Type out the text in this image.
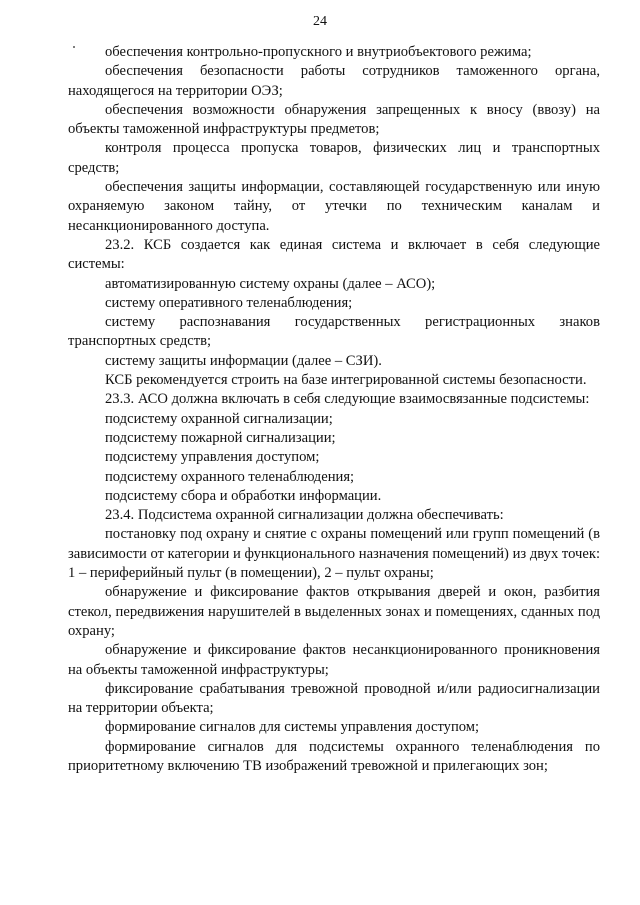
24

обеспечения контрольно-пропускного и внутриобъектового режима;

обеспечения безопасности работы сотрудников таможенного органа, находящегося на территории ОЭЗ;

обеспечения возможности обнаружения запрещенных к вносу (ввозу) на объекты таможенной инфраструктуры предметов;

контроля процесса пропуска товаров, физических лиц и транспортных средств;

обеспечения защиты информации, составляющей государственную или иную охраняемую законом тайну, от утечки по техническим каналам и несанкционированного доступа.

23.2. КСБ создается как единая система и включает в себя следующие системы:

автоматизированную систему охраны (далее – АСО);

систему оперативного теленаблюдения;

систему распознавания государственных регистрационных знаков транспортных средств;

систему защиты информации (далее – СЗИ).

КСБ рекомендуется строить на базе интегрированной системы безопасности.

23.3. АСО должна включать в себя следующие взаимосвязанные подсистемы:

подсистему охранной сигнализации;

подсистему пожарной сигнализации;

подсистему управления доступом;

подсистему охранного теленаблюдения;

подсистему сбора и обработки информации.

23.4. Подсистема охранной сигнализации должна обеспечивать:

постановку под охрану и снятие с охраны помещений или групп помещений (в зависимости от категории и функционального назначения помещений) из двух точек: 1 – периферийный пульт (в помещении), 2 – пульт охраны;

обнаружение и фиксирование фактов открывания дверей и окон, разбития стекол, передвижения нарушителей в выделенных зонах и помещениях, сданных под охрану;

обнаружение и фиксирование фактов несанкционированного проникновения на объекты таможенной инфраструктуры;

фиксирование срабатывания тревожной проводной и/или радиосигнализации на территории объекта;

формирование сигналов для системы управления доступом;

формирование сигналов для подсистемы охранного теленаблюдения по приоритетному включению ТВ изображений тревожной и прилегающих зон;
